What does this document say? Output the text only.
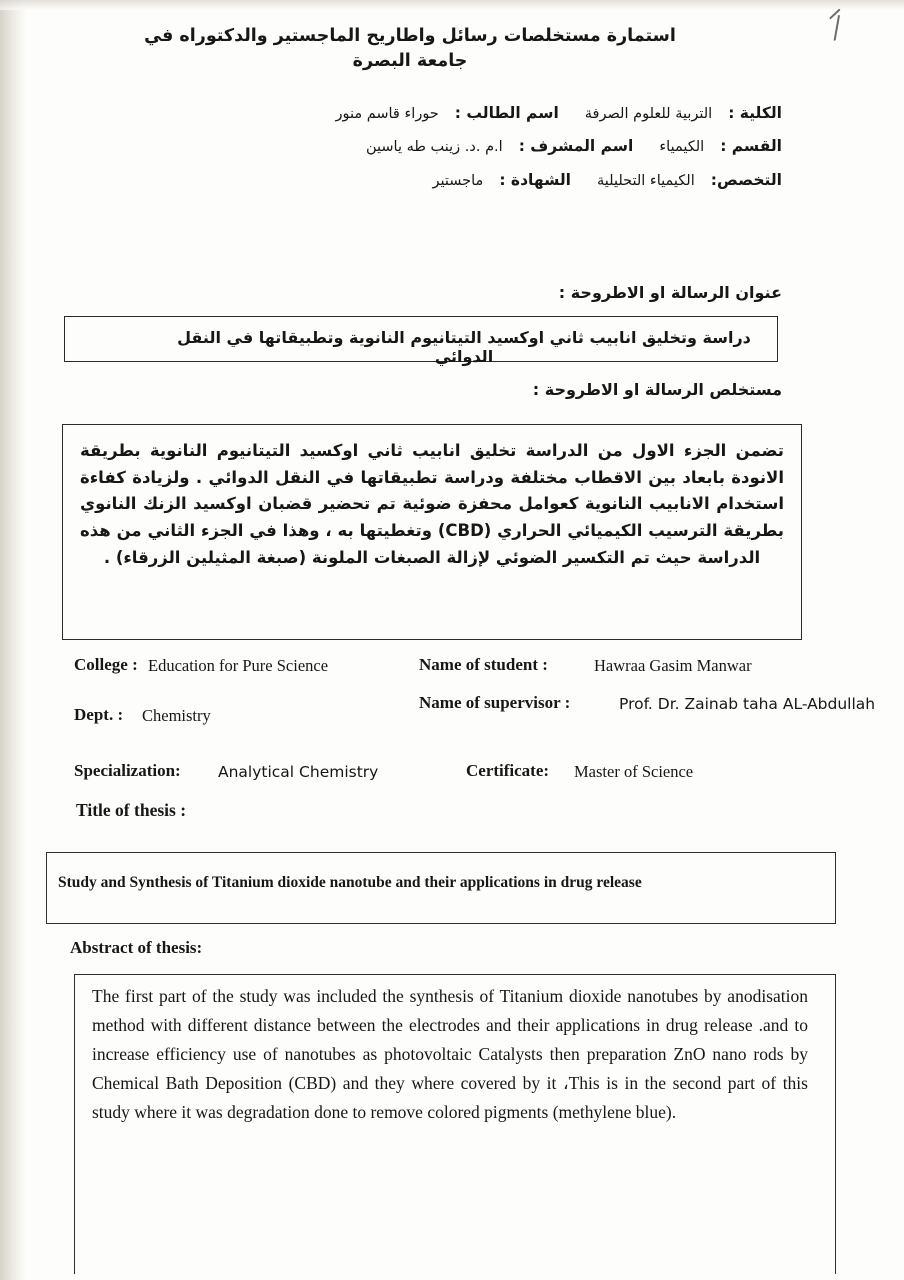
استمارة مستخلصات رسائل واطاريح الماجستير والدكتوراه في جامعة البصرة
الكلية :
التربية للعلوم الصرفة
اسم الطالب :
حوراء قاسم منور
القسم :
الكيمياء
اسم المشرف :
ا.م .د. زينب طه ياسين
التخصص:
الكيمياء التحليلية
الشهادة :
ماجستير
عنوان الرسالة او الاطروحة :
دراسة وتخليق انابيب ثاني اوكسيد التيتانيوم النانوية وتطبيقاتها في النقل الدوائي
مستخلص الرسالة او الاطروحة :
تضمن الجزء الاول من الدراسة تخليق انابيب ثاني اوكسيد التيتانيوم النانوية بطريقة الانودة بابعاد بين الاقطاب مختلفة ودراسة تطبيقاتها في النقل الدوائي . ولزيادة كفاءة استخدام الانابيب النانوية كعوامل محفزة ضوئية تم تحضير قضبان اوكسيد الزنك النانوي بطريقة الترسيب الكيميائي الحراري (CBD) وتغطيتها به ، وهذا في الجزء الثاني من هذه الدراسة حيث تم التكسير الضوئي لإزالة الصبغات الملونة (صبغة المثيلين الزرقاء) .
College : Education for Pure Science	Name of student :	Hawraa Gasim Manwar
Name of supervisor :	Prof. Dr. Zainab taha AL-Abdullah
Dept. : Chemistry
Specialization: Analytical Chemistry	Certificate: Master of Science
Title of thesis :
Study and Synthesis of Titanium dioxide nanotube and their applications in drug release
Abstract of thesis:
The first part of the study was included the synthesis of Titanium dioxide nanotubes by anodisation method with different distance between the electrodes and their applications in drug release .and to increase efficiency use of nanotubes as photovoltaic Catalysts then preparation ZnO nano rods by Chemical Bath Deposition (CBD) and they where covered by it ،This is in the second part of this study where it was degradation done to remove colored pigments (methylene blue).
